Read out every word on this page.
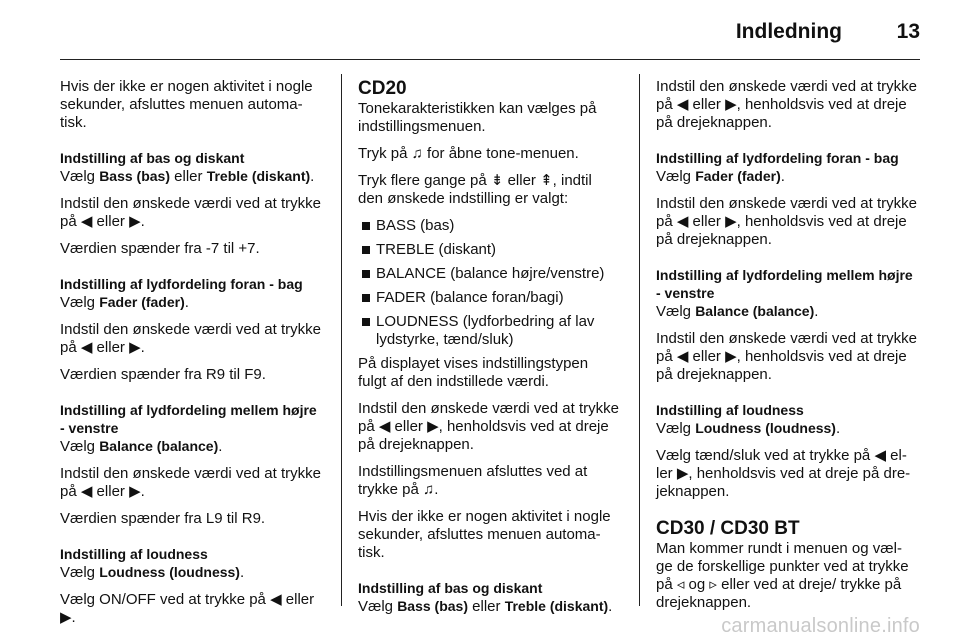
Indledning	13

Hvis der ikke er nogen aktivitet i nogle sekunder, afsluttes menuen automa‐tisk.

Indstilling af bas og diskant

Vælg Bass (bas) eller Treble (diskant).

Indstil den ønskede værdi ved at trykke på ◀ eller ▶.

Værdien spænder fra -7 til +7.

Indstilling af lydfordeling foran - bag

Vælg Fader (fader).

Indstil den ønskede værdi ved at trykke på ◀ eller ▶.

Værdien spænder fra R9 til F9.

Indstilling af lydfordeling mellem højre - venstre

Vælg Balance (balance).

Indstil den ønskede værdi ved at trykke på ◀ eller ▶.

Værdien spænder fra L9 til R9.

Indstilling af loudness

Vælg Loudness (loudness).

Vælg ON/OFF ved at trykke på ◀ eller ▶.

CD20

Tonekarakteristikken kan vælges på indstillingsmenuen.

Tryk på ♫ for åbne tone-menuen.

Tryk flere gange på ⇟ eller ⇞, indtil den ønskede indstilling er valgt:

BASS (bas)
TREBLE (diskant)
BALANCE (balance højre/venstre)
FADER (balance foran/bagi)
LOUDNESS (lydforbedring af lav lydstyrke, tænd/sluk)

På displayet vises indstillingstypen fulgt af den indstillede værdi.

Indstil den ønskede værdi ved at trykke på ◀ eller ▶, henholdsvis ved at dreje på drejeknappen.

Indstillingsmenuen afsluttes ved at trykke på ♫.

Hvis der ikke er nogen aktivitet i nogle sekunder, afsluttes menuen automa‐tisk.

Indstilling af bas og diskant

Vælg Bass (bas) eller Treble (diskant).

Indstil den ønskede værdi ved at trykke på ◀ eller ▶, henholdsvis ved at dreje på drejeknappen.

Indstilling af lydfordeling foran - bag

Vælg Fader (fader).

Indstil den ønskede værdi ved at trykke på ◀ eller ▶, henholdsvis ved at dreje på drejeknappen.

Indstilling af lydfordeling mellem højre - venstre

Vælg Balance (balance).

Indstil den ønskede værdi ved at trykke på ◀ eller ▶, henholdsvis ved at dreje på drejeknappen.

Indstilling af loudness

Vælg Loudness (loudness).

Vælg tænd/sluk ved at trykke på ◀ el‐ler ▶, henholdsvis ved at dreje på dre‐jeknappen.

CD30 / CD30 BT

Man kommer rundt i menuen og væl‐ge de forskellige punkter ved at trykke på ◃ og ▹ eller ved at dreje/ trykke på drejeknappen.

carmanualsonline.info
